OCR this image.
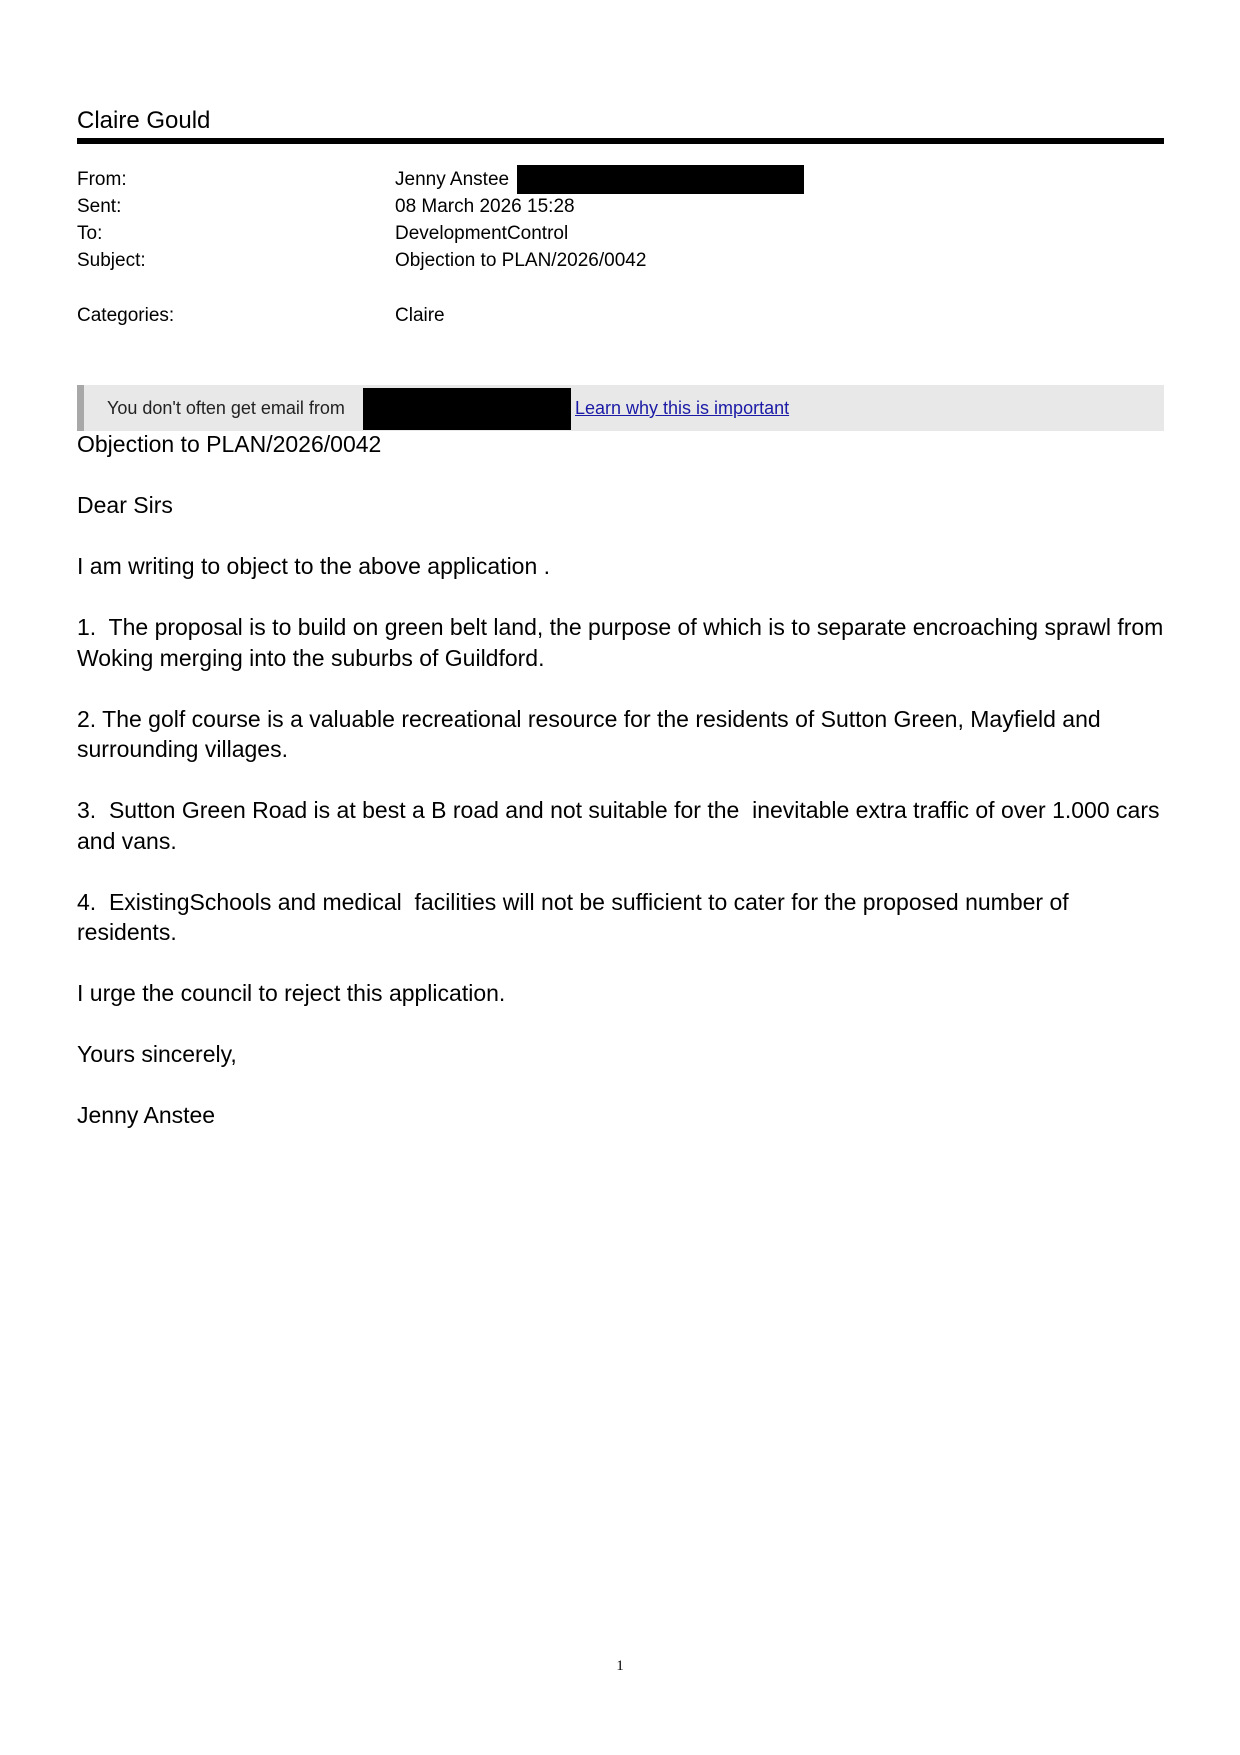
Claire Gould
From:	Jenny Anstee
Sent:	08 March 2026 15:28
To:	DevelopmentControl
Subject:	Objection to PLAN/2026/0042
Categories:	Claire
You don't often get email from	Learn why this is important

Objection to PLAN/2026/0042

Dear Sirs

I am writing to object to the above application .

1.  The proposal is to build on green belt land, the purpose of which is to separate encroaching sprawl from Woking merging into the suburbs of Guildford.

2. The golf course is a valuable recreational resource for the residents of Sutton Green, Mayfield and surrounding villages.

3.  Sutton Green Road is at best a B road and not suitable for the  inevitable extra traffic of over 1.000 cars and vans.

4.  ExistingSchools and medical  facilities will not be sufficient to cater for the proposed number of residents.

I urge the council to reject this application.

Yours sincerely,

Jenny Anstee

1
